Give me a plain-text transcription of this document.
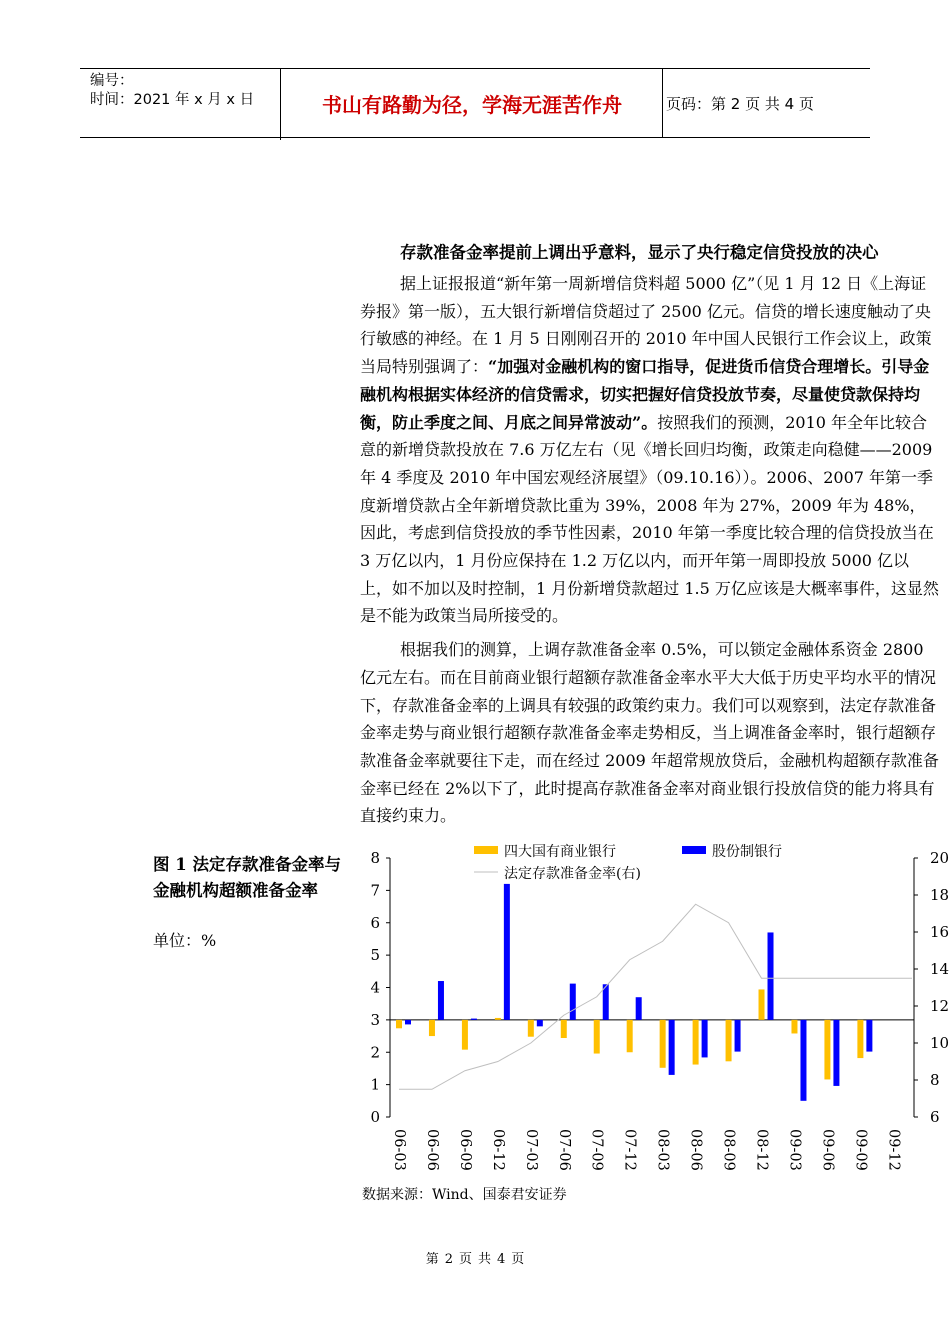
编号：
时间：2021 年 x 月 x 日	书山有路勤为径，学海无涯苦作舟	页码：第 2 页 共 4 页
存款准备金率提前上调出乎意料，显示了央行稳定信贷投放的决心

据上证报报道“新年第一周新增信贷料超 5000 亿”（见 1 月 12 日《上海证券报》第一版），五大银行新增信贷超过了 2500 亿元。信贷的增长速度触动了央行敏感的神经。在 1 月 5 日刚刚召开的 2010 年中国人民银行工作会议上，政策当局特别强调了：“加强对金融机构的窗口指导，促进货币信贷合理增长。引导金融机构根据实体经济的信贷需求，切实把握好信贷投放节奏，尽量使贷款保持均衡，防止季度之间、月底之间异常波动”。按照我们的预测，2010 年全年比较合意的新增贷款投放在 7.6 万亿左右（见《增长回归均衡，政策走向稳健——2009 年 4 季度及 2010 年中国宏观经济展望》（09.10.16））。2006、2007 年第一季度新增贷款占全年新增贷款比重为 39%，2008 年为 27%，2009 年为 48%，因此，考虑到信贷投放的季节性因素，2010 年第一季度比较合理的信贷投放当在 3 万亿以内，1 月份应保持在 1.2 万亿以内，而开年第一周即投放 5000 亿以上，如不加以及时控制，1 月份新增贷款超过 1.5 万亿应该是大概率事件，这显然是不能为政策当局所接受的。

根据我们的测算，上调存款准备金率 0.5%，可以锁定金融体系资金 2800 亿元左右。而在目前商业银行超额存款准备金率水平大大低于历史平均水平的情况下，存款准备金率的上调具有较强的政策约束力。我们可以观察到，法定存款准备金率走势与商业银行超额存款准备金率走势相反，当上调准备金率时，银行超额存款准备金率就要往下走，而在经过 2009 年超常规放贷后，金融机构超额存款准备金率已经在 2%以下了，此时提高存款准备金率对商业银行投放信贷的能力将具有直接约束力。

图 1 法定存款准备金率与金融机构超额准备金率
单位：%
0
1
2
3
4
5
6
7
8
6
8
10
12
14
16
18
20
06-03 06-06 06-09 06-12 07-03 07-06 07-09 07-12 08-03 08-06 08-09 08-12 09-03 09-06 09-09 09-12
四大国有商业银行	股份制银行
法定存款准备金率(右)
数据来源：Wind、国泰君安证券
第 2 页 共 4 页
